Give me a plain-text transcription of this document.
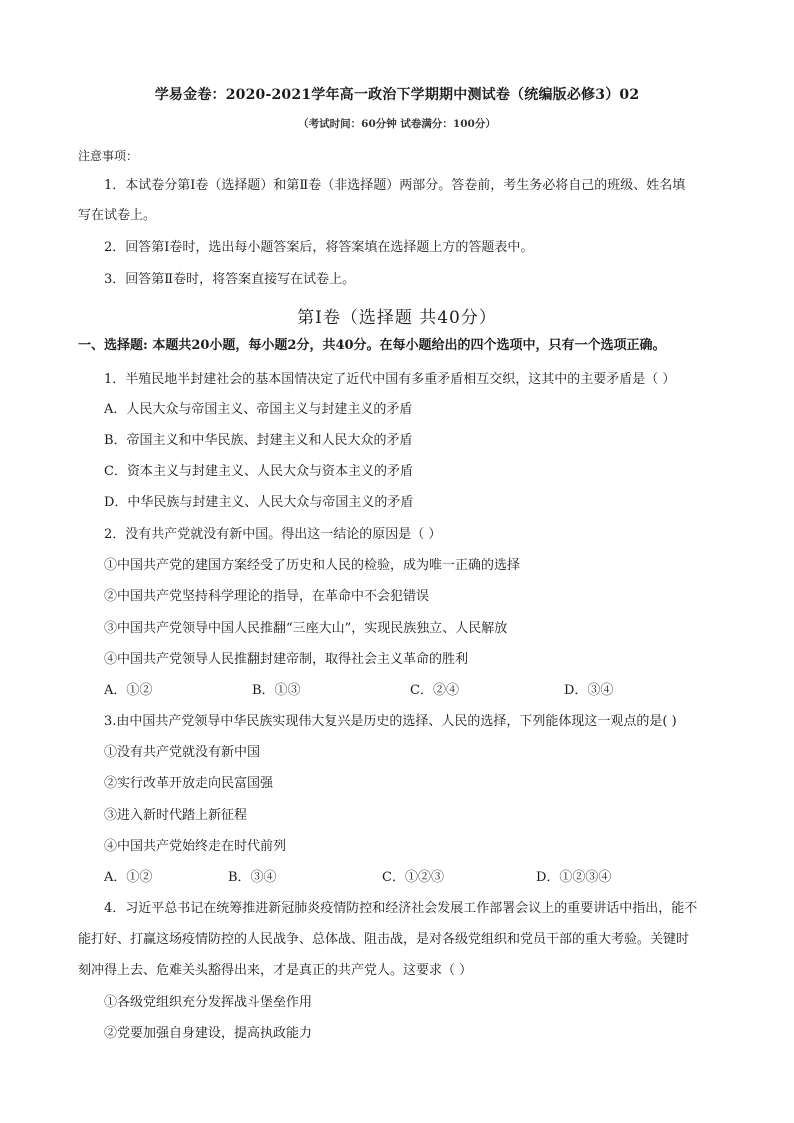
学易金卷：2020-2021学年高一政治下学期期中测试卷（统编版必修3）02
（考试时间：60分钟 试卷满分：100分）
注意事项：
1．本试卷分第Ⅰ卷（选择题）和第Ⅱ卷（非选择题）两部分。答卷前，考生务必将自己的班级、姓名填
写在试卷上。
2．回答第Ⅰ卷时，选出每小题答案后，将答案填在选择题上方的答题表中。
3．回答第Ⅱ卷时，将答案直接写在试卷上。
第Ⅰ卷（选择题 共40分）
一、选择题: 本题共20小题，每小题2分，共40分。在每小题给出的四个选项中，只有一个选项正确。
1．半殖民地半封建社会的基本国情决定了近代中国有多重矛盾相互交织，这其中的主要矛盾是（ ）
A．人民大众与帝国主义、帝国主义与封建主义的矛盾
B．帝国主义和中华民族、封建主义和人民大众的矛盾
C．资本主义与封建主义、人民大众与资本主义的矛盾
D．中华民族与封建主义、人民大众与帝国主义的矛盾
2．没有共产党就没有新中国。得出这一结论的原因是（ ）
①中国共产党的建国方案经受了历史和人民的检验，成为唯一正确的选择
②中国共产党坚持科学理论的指导，在革命中不会犯错误
③中国共产党领导中国人民推翻“三座大山”，实现民族独立、人民解放
④中国共产党领导人民推翻封建帝制，取得社会主义革命的胜利
A．①②	B．①③	C．②④	D．③④
3.由中国共产党领导中华民族实现伟大复兴是历史的选择、人民的选择，下列能体现这一观点的是( )
①没有共产党就没有新中国
②实行改革开放走向民富国强
③进入新时代踏上新征程
④中国共产党始终走在时代前列
A．①②	B．③④	C．①②③	D．①②③④
4．习近平总书记在统筹推进新冠肺炎疫情防控和经济社会发展工作部署会议上的重要讲话中指出，能不
能打好、打赢这场疫情防控的人民战争、总体战、阻击战，是对各级党组织和党员干部的重大考验。关键时
刻冲得上去、危难关头豁得出来，才是真正的共产党人。这要求（ ）
①各级党组织充分发挥战斗堡垒作用
②党要加强自身建设，提高执政能力
